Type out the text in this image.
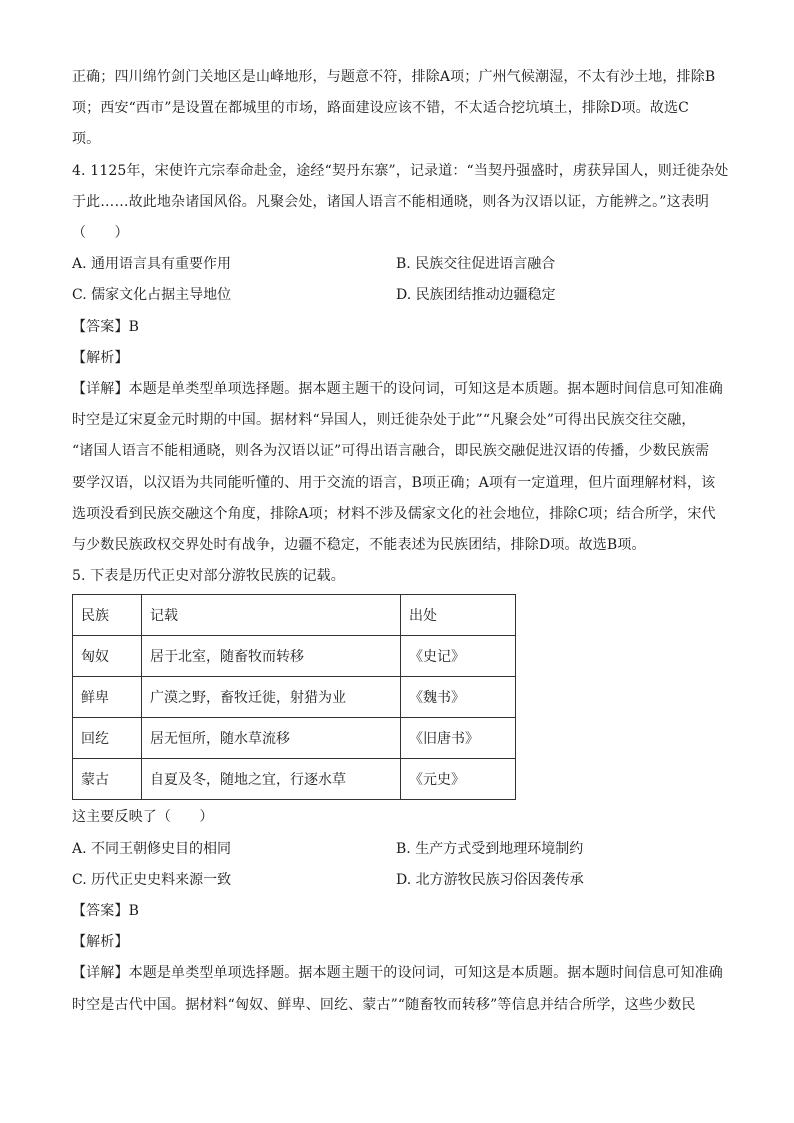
正确；四川绵竹剑门关地区是山峰地形，与题意不符，排除A项；广州气候潮湿，不太有沙土地，排除B
项；西安“西市”是设置在都城里的市场，路面建设应该不错，不太适合挖坑填土，排除D项。故选C
项。
4. 1125年，宋使许亢宗奉命赴金，途经“契丹东寨”，记录道：“当契丹强盛时，虏获异国人，则迁徙杂处
于此……故此地杂诸国风俗。凡聚会处，诸国人语言不能相通晓，则各为汉语以证，方能辨之。”这表明
（　　）
A. 通用语言具有重要作用	B. 民族交往促进语言融合
C. 儒家文化占据主导地位	D. 民族团结推动边疆稳定
【答案】B
【解析】
【详解】本题是单类型单项选择题。据本题主题干的设问词，可知这是本质题。据本题时间信息可知准确
时空是辽宋夏金元时期的中国。据材料“异国人，则迁徙杂处于此”“凡聚会处”可得出民族交往交融，
“诸国人语言不能相通晓，则各为汉语以证”可得出语言融合，即民族交融促进汉语的传播，少数民族需
要学汉语，以汉语为共同能听懂的、用于交流的语言，B项正确；A项有一定道理，但片面理解材料，该
选项没看到民族交融这个角度，排除A项；材料不涉及儒家文化的社会地位，排除C项；结合所学，宋代
与少数民族政权交界处时有战争，边疆不稳定，不能表述为民族团结，排除D项。故选B项。
5. 下表是历代正史对部分游牧民族的记载。
民族	记载	出处
匈奴	居于北室，随畜牧而转移	《史记》
鲜卑	广漠之野，畜牧迁徙，射猎为业	《魏书》
回纥	居无恒所，随水草流移	《旧唐书》
蒙古	自夏及冬，随地之宜，行逐水草	《元史》
这主要反映了（　　）
A. 不同王朝修史目的相同	B. 生产方式受到地理环境制约
C. 历代正史史料来源一致	D. 北方游牧民族习俗因袭传承
【答案】B
【解析】
【详解】本题是单类型单项选择题。据本题主题干的设问词，可知这是本质题。据本题时间信息可知准确
时空是古代中国。据材料“匈奴、鲜卑、回纥、蒙古”“随畜牧而转移”等信息并结合所学，这些少数民
